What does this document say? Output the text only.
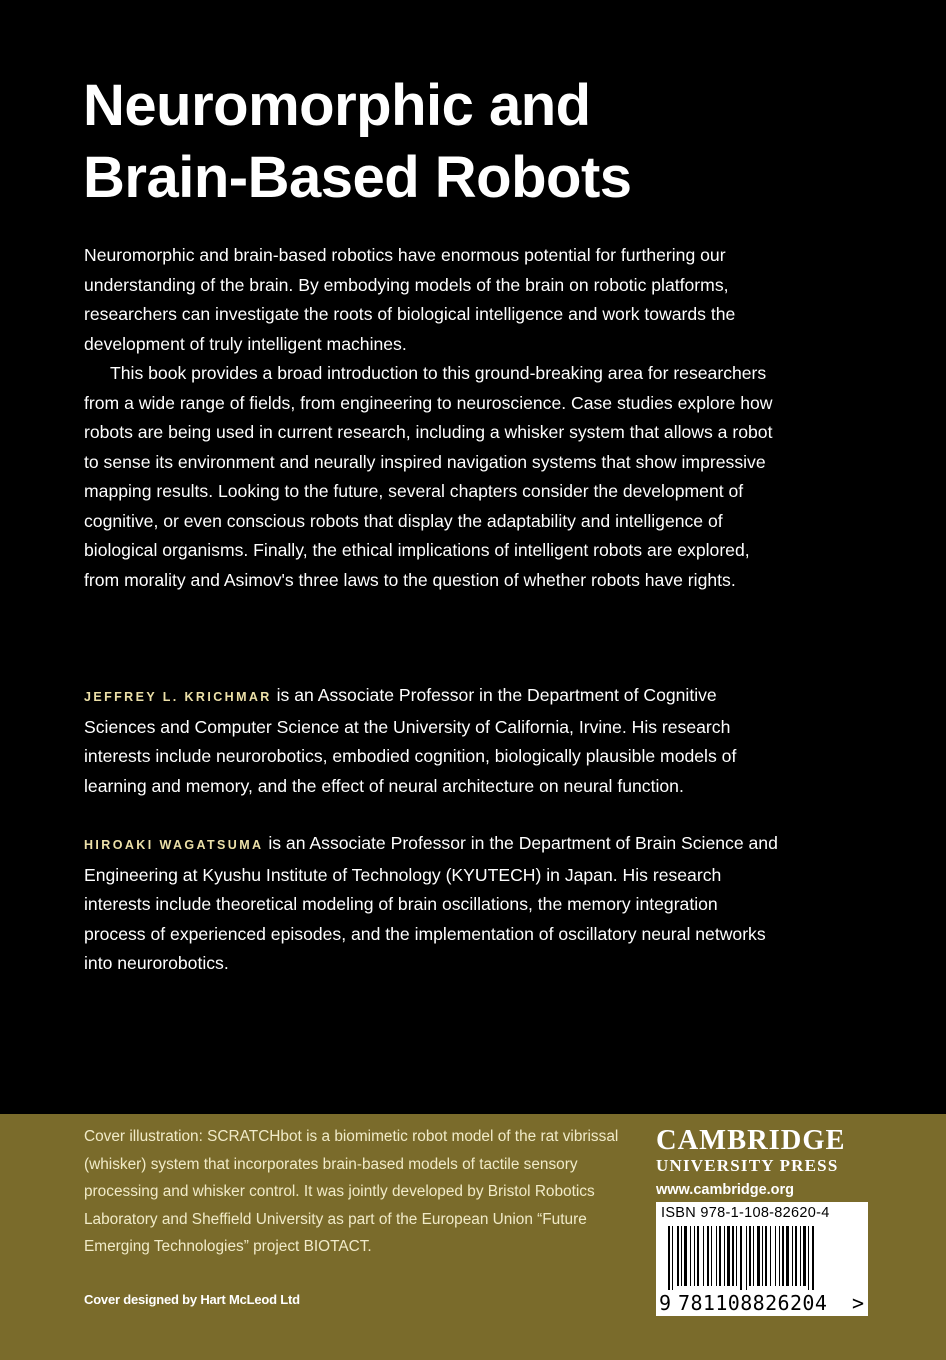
Neuromorphic and
Brain-Based Robots

Neuromorphic and brain-based robotics have enormous potential for furthering our understanding of the brain. By embodying models of the brain on robotic platforms, researchers can investigate the roots of biological intelligence and work towards the development of truly intelligent machines.

This book provides a broad introduction to this ground-breaking area for researchers from a wide range of fields, from engineering to neuroscience. Case studies explore how robots are being used in current research, including a whisker system that allows a robot to sense its environment and neurally inspired navigation systems that show impressive mapping results. Looking to the future, several chapters consider the development of cognitive, or even conscious robots that display the adaptability and intelligence of biological organisms. Finally, the ethical implications of intelligent robots are explored, from morality and Asimov's three laws to the question of whether robots have rights.

JEFFREY L. KRICHMAR is an Associate Professor in the Department of Cognitive Sciences and Computer Science at the University of California, Irvine. His research interests include neurorobotics, embodied cognition, biologically plausible models of learning and memory, and the effect of neural architecture on neural function.

HIROAKI WAGATSUMA is an Associate Professor in the Department of Brain Science and Engineering at Kyushu Institute of Technology (KYUTECH) in Japan. His research interests include theoretical modeling of brain oscillations, the memory integration process of experienced episodes, and the implementation of oscillatory neural networks into neurorobotics.

Cover illustration: SCRATCHbot is a biomimetic robot model of the rat vibrissal (whisker) system that incorporates brain-based models of tactile sensory processing and whisker control. It was jointly developed by Bristol Robotics Laboratory and Sheffield University as part of the European Union “Future Emerging Technologies” project BIOTACT.

Cover designed by Hart McLeod Ltd
CAMBRIDGE
UNIVERSITY PRESS
www.cambridge.org
ISBN 978-1-108-82620-4
9 781108826204 >
